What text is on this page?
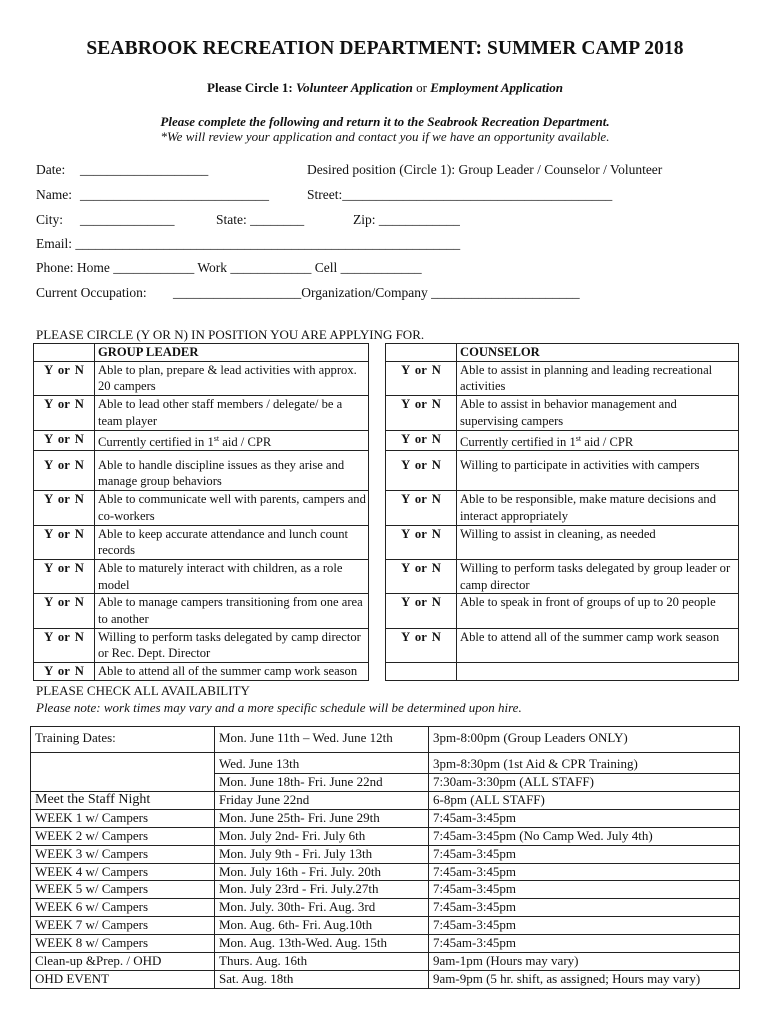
SEABROOK RECREATION DEPARTMENT: SUMMER CAMP 2018
Please Circle 1: Volunteer Application or Employment Application
Please complete the following and return it to the Seabrook Recreation Department.
*We will review your application and contact you if we have an opportunity available.
Date: ___________________	Desired position (Circle 1): Group Leader / Counselor / Volunteer
Name: ____________________________	Street:________________________________________
City: ______________	State: ________	Zip: ____________
Email: _________________________________________________________
Phone: Home ____________ Work ____________ Cell ____________
Current Occupation: ___________________Organization/Company ______________________
PLEASE CIRCLE (Y OR N) IN POSITION YOU ARE APPLYING FOR.
	GROUP LEADER			COUNSELOR
Y or N	Able to plan, prepare & lead activities with approx. 20 campers		Y or N	Able to assist in planning and leading recreational activities
Y or N	Able to lead other staff members / delegate/ be a team player		Y or N	Able to assist in behavior management and supervising campers
Y or N	Currently certified in 1st aid / CPR		Y or N	Currently certified in 1st aid / CPR

Y or N	Able to handle discipline issues as they arise and manage group behaviors		Y or N	Willing to participate in activities with campers
Y or N	Able to communicate well with parents, campers and co-workers		Y or N	Able to be responsible, make mature decisions and interact appropriately
Y or N	Able to keep accurate attendance and lunch count records		Y or N	Willing to assist in cleaning, as needed
Y or N	Able to maturely interact with children, as a role model		Y or N	Willing to perform tasks delegated by group leader or camp director
Y or N	Able to manage campers transitioning from one area to another		Y or N	Able to speak in front of groups of up to 20 people
Y or N	Willing to perform tasks delegated by camp director or Rec. Dept. Director		Y or N	Able to attend all of the summer camp work season
Y or N	Able to attend all of the summer camp work season			
PLEASE CHECK ALL AVAILABILITY
Please note: work times may vary and a more specific schedule will be determined upon hire.
Training Dates:	Mon. June 11th – Wed. June 12th	3pm-8:00pm (Group Leaders ONLY)
	Wed. June 13th	3pm-8:30pm (1st Aid & CPR Training)
	Mon. June 18th- Fri. June 22nd	7:30am-3:30pm (ALL STAFF)
Meet the Staff Night	Friday June 22nd	6-8pm (ALL STAFF)
WEEK 1 w/ Campers	Mon. June 25th- Fri. June 29th	7:45am-3:45pm
WEEK 2 w/ Campers	Mon. July 2nd- Fri. July 6th	7:45am-3:45pm (No Camp Wed. July 4th)
WEEK 3 w/ Campers	Mon. July 9th - Fri. July 13th	7:45am-3:45pm
WEEK 4 w/ Campers	Mon. July 16th - Fri. July. 20th	7:45am-3:45pm
WEEK 5 w/ Campers	Mon. July 23rd - Fri. July.27th	7:45am-3:45pm
WEEK 6 w/ Campers	Mon. July. 30th- Fri. Aug. 3rd	7:45am-3:45pm
WEEK 7 w/ Campers	Mon. Aug. 6th- Fri. Aug.10th	7:45am-3:45pm
WEEK 8 w/ Campers	Mon. Aug. 13th-Wed. Aug. 15th	7:45am-3:45pm
Clean-up &Prep. / OHD	Thurs. Aug. 16th	9am-1pm (Hours may vary)
OHD EVENT	Sat. Aug. 18th	9am-9pm (5 hr. shift, as assigned; Hours may vary)
